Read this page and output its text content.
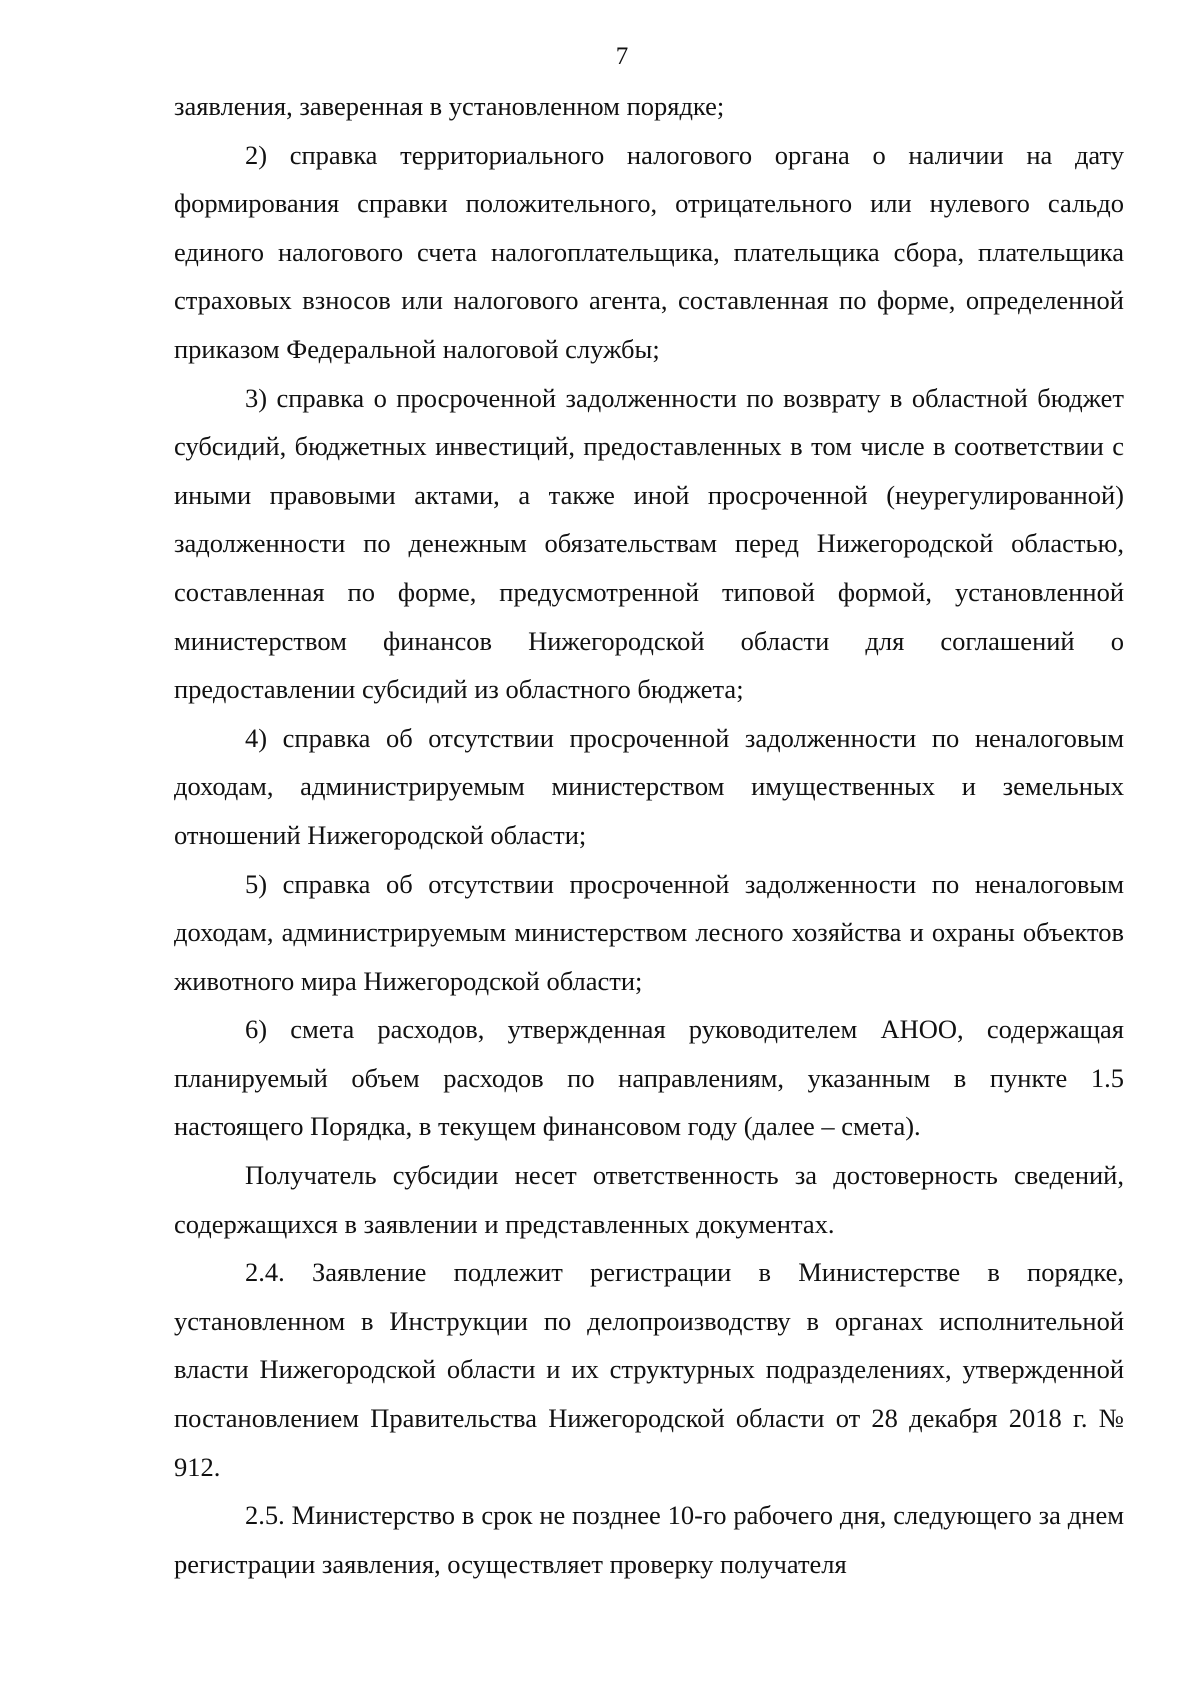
7

заявления, заверенная в установленном порядке;

2) справка территориального налогового органа о наличии на дату формирования справки положительного, отрицательного или нулевого сальдо единого налогового счета налогоплательщика, плательщика сбора, плательщика страховых взносов или налогового агента, составленная по форме, определенной приказом Федеральной налоговой службы;

3) справка о просроченной задолженности по возврату в областной бюджет субсидий, бюджетных инвестиций, предоставленных в том числе в соответствии с иными правовыми актами, а также иной просроченной (неурегулированной) задолженности по денежным обязательствам перед Нижегородской областью, составленная по форме, предусмотренной типовой формой, установленной министерством финансов Нижегородской области для соглашений о предоставлении субсидий из областного бюджета;

4) справка об отсутствии просроченной задолженности по неналоговым доходам, администрируемым министерством имущественных и земельных отношений Нижегородской области;

5) справка об отсутствии просроченной задолженности по неналоговым доходам, администрируемым министерством лесного хозяйства и охраны объектов животного мира Нижегородской области;

6) смета расходов, утвержденная руководителем АНОО, содержащая планируемый объем расходов по направлениям, указанным в пункте 1.5 настоящего Порядка, в текущем финансовом году (далее – смета).

Получатель субсидии несет ответственность за достоверность сведений, содержащихся в заявлении и представленных документах.

2.4. Заявление подлежит регистрации в Министерстве в порядке, установленном в Инструкции по делопроизводству в органах исполнительной власти Нижегородской области и их структурных подразделениях, утвержденной постановлением Правительства Нижегородской области от 28 декабря 2018 г. № 912.

2.5. Министерство в срок не позднее 10-го рабочего дня, следующего за днем регистрации заявления, осуществляет проверку получателя
